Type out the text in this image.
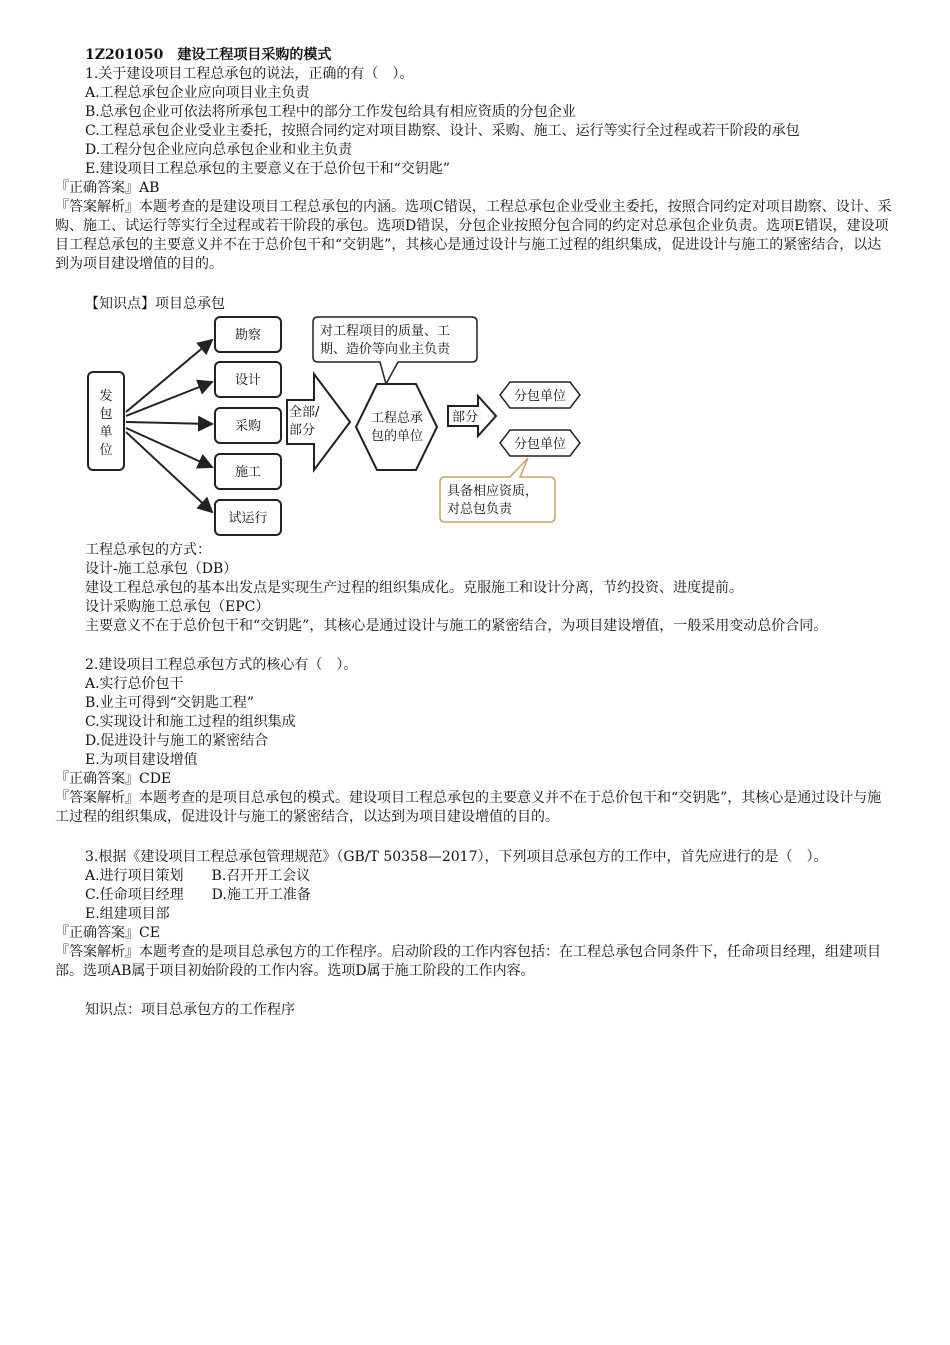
1Z201050　 建设工程项目采购的模式
1.关于建设项目工程总承包的说法，正确的有（　）。
A.工程总承包企业应向项目业主负责
B.总承包企业可依法将所承包工程中的部分工作发包给具有相应资质的分包企业
C.工程总承包企业受业主委托，按照合同约定对项目勘察、设计、采购、施工、运行等实行全过程或若干阶段的承包
D.工程分包企业应向总承包企业和业主负责
E.建设项目工程总承包的主要意义在于总价包干和“交钥匙”
『正确答案』AB
『答案解析』本题考查的是建设项目工程总承包的内涵。选项C错误，工程总承包企业受业主委托，按照合同约定对项目勘察、设计、采购、施工、试运行等实行全过程或若干阶段的承包。选项D错误，分包企业按照分包合同的约定对总承包企业负责。选项E错误，建设项目工程总承包的主要意义并不在于总价包干和“交钥匙”，其核心是通过设计与施工过程的组织集成，促进设计与施工的紧密结合，以达到为项目建设增值的目的。
【知识点】项目总承包
发
包
单
位
勘察
设计
采购
施工
试运行
全部/
部分
对工程项目的质量、工
期、造价等向业主负责
工程总承
包的单位
部分
分包单位
分包单位
具备相应资质，
对总包负责
工程总承包的方式：
设计-施工总承包（DB）
建设工程总承包的基本出发点是实现生产过程的组织集成化。克服施工和设计分离，节约投资、进度提前。
设计采购施工总承包（EPC）
主要意义不在于总价包干和“交钥匙”，其核心是通过设计与施工的紧密结合，为项目建设增值，一般采用变动总价合同。
2.建设项目工程总承包方式的核心有（　）。
A.实行总价包干
B.业主可得到“交钥匙工程”
C.实现设计和施工过程的组织集成
D.促进设计与施工的紧密结合
E.为项目建设增值
『正确答案』CDE
『答案解析』本题考查的是项目总承包的模式。建设项目工程总承包的主要意义并不在于总价包干和“交钥匙”，其核心是通过设计与施工过程的组织集成，促进设计与施工的紧密结合，以达到为项目建设增值的目的。
3.根据《建设项目工程总承包管理规范》（GB/T 50358—2017），下列项目总承包方的工作中，首先应进行的是（　）。
A.进行项目策划　　B.召开开工会议
C.任命项目经理　　D.施工开工准备
E.组建项目部
『正确答案』CE
『答案解析』本题考查的是项目总承包方的工作程序。启动阶段的工作内容包括：在工程总承包合同条件下，任命项目经理，组建项目部。选项AB属于项目初始阶段的工作内容。选项D属于施工阶段的工作内容。
知识点：项目总承包方的工作程序
